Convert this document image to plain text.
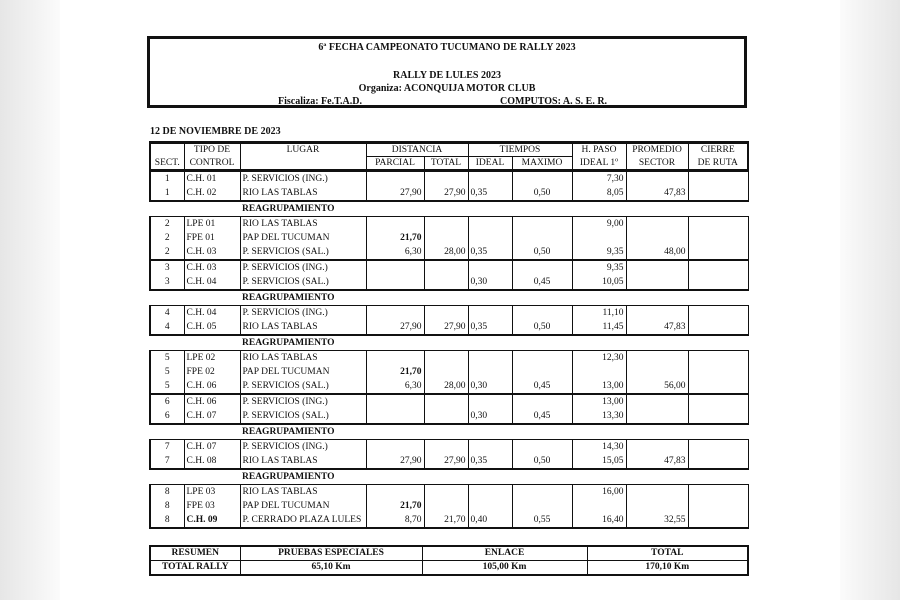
6ª FECHA CAMPEONATO TUCUMANO DE RALLY 2023
RALLY DE LULES 2023
Organiza: ACONQUIJA MOTOR CLUB
Fiscaliza: Fe.T.A.D.	COMPUTOS: A. S. E. R.
12 DE NOVIEMBRE DE 2023
	TIPO DE	LUGAR	DISTANCIA		TIEMPOS		H. PASO	PROMEDIO	CIERRE
SECT.	CONTROL		PARCIAL	TOTAL	IDEAL	MAXIMO	IDEAL 1º	SECTOR	DE RUTA
1	C.H. 01	P. SERVICIOS (ING.)					7,30		
1	C.H. 02	RIO LAS TABLAS	27,90	27,90	0,35	0,50	8,05	47,83	
		REAGRUPAMIENTO							
2	LPE 01	RIO LAS TABLAS					9,00		
2	FPE 01	PAP DEL TUCUMAN	21,70						
2	C.H. 03	P. SERVICIOS (SAL.)	6,30	28,00	0,35	0,50	9,35	48,00	
3	C.H. 03	P. SERVICIOS (ING.)					9,35		
3	C.H. 04	P. SERVICIOS (SAL.)			0,30	0,45	10,05		
		REAGRUPAMIENTO							
4	C.H. 04	P. SERVICIOS (ING.)					11,10		
4	C.H. 05	RIO LAS TABLAS	27,90	27,90	0,35	0,50	11,45	47,83	
		REAGRUPAMIENTO							
5	LPE 02	RIO LAS TABLAS					12,30		
5	FPE 02	PAP DEL TUCUMAN	21,70						
5	C.H. 06	P. SERVICIOS (SAL.)	6,30	28,00	0,30	0,45	13,00	56,00	
6	C.H. 06	P. SERVICIOS (ING.)					13,00		
6	C.H. 07	P. SERVICIOS (SAL.)			0,30	0,45	13,30		
		REAGRUPAMIENTO							
7	C.H. 07	P. SERVICIOS (ING.)					14,30		
7	C.H. 08	RIO LAS TABLAS	27,90	27,90	0,35	0,50	15,05	47,83	
		REAGRUPAMIENTO							
8	LPE 03	RIO LAS TABLAS					16,00		
8	FPE 03	PAP DEL TUCUMAN	21,70						
8	C.H. 09	P. CERRADO PLAZA LULES	8,70	21,70	0,40	0,55	16,40	32,55	
RESUMEN	PRUEBAS ESPECIALES	ENLACE	TOTAL
TOTAL RALLY	65,10 Km	105,00 Km	170,10 Km
